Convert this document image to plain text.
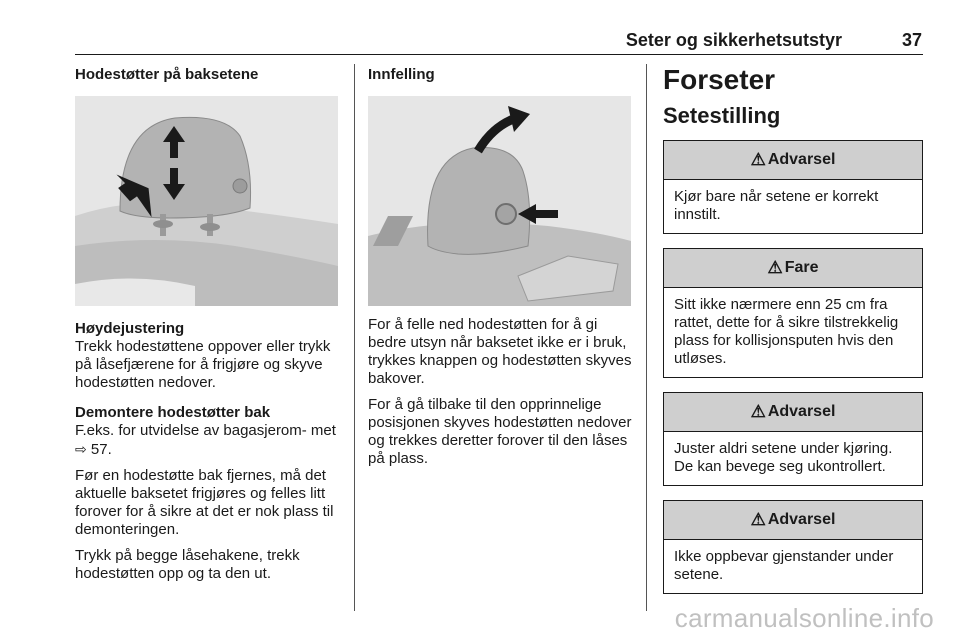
Seter og sikkerhetsutstyr	37
Hodestøtter på baksetene
Høydejustering

Trekk hodestøttene oppover eller trykk på låsefjærene for å frigjøre og skyve hodestøtten nedover.

Demontere hodestøtter bak

F.eks. for utvidelse av bagasjerom- met ⇨ 57.

Før en hodestøtte bak fjernes, må det aktuelle baksetet frigjøres og felles litt forover for å sikre at det er nok plass til demonteringen.

Trykk på begge låsehakene, trekk hodestøtten opp og ta den ut.

Innfelling

For å felle ned hodestøtten for å gi bedre utsyn når baksetet ikke er i bruk, trykkes knappen og hodestøtten skyves bakover.

For å gå tilbake til den opprinnelige posisjonen skyves hodestøtten nedover og trekkes deretter forover til den låses på plass.

Forseter
Setestilling
⚠ Advarsel
Kjør bare når setene er korrekt innstilt.
⚠ Fare
Sitt ikke nærmere enn 25 cm fra rattet, dette for å sikre tilstrekkelig plass for kollisjonsputen hvis den utløses.
⚠ Advarsel
Juster aldri setene under kjøring. De kan bevege seg ukontrollert.
⚠ Advarsel
Ikke oppbevar gjenstander under setene.
carmanualsonline.info
